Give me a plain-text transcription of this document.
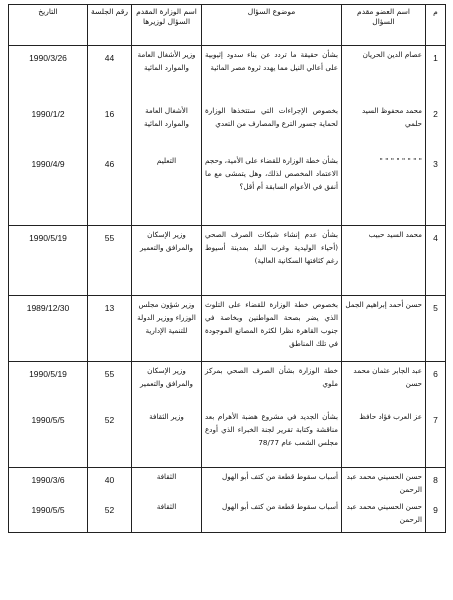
م	اسم العضو مقدم السؤال	موضوع السؤال	اسم الوزارة المقدم السؤال لوزيرها	رقم الجلسة	التاريخ
1	عصام الدين الحريان	بشأن حقيقة ما تردد عن بناء سدود إثيوبية على أعالي النيل مما يهدد ثروة مصر المائية	وزير الأشغال العامة والموارد المائية	44	1990/3/26
2	محمد محفوظ السيد حلمي	بخصوص الإجراءات التي ستتخذها الوزارة لحماية جسور الترع والمصارف من التعدي	الأشغال العامة والموارد المائية	16	1990/1/2
3	" " " " " " " "	بشأن خطة الوزارة للقضاء على الأمية، وحجم الاعتماد المخصص لذلك، وهل يتمشى مع ما أنفق في الأعوام السابقة أم أقل؟	التعليم	46	1990/4/9
4	محمد السيد حبيب	بشأن عدم إنشاء شبكات الصرف الصحي (أحياء الوليدية وغرب البلد بمدينة أسيوط رغم كثافتها السكانية العالية)	وزير الإسكان والمرافق والتعمير	55	1990/5/19
5	حسن أحمد إبراهيم الجمل	بخصوص خطة الوزارة للقضاء على التلوث الذي يضر بصحة المواطنين وبخاصة في جنوب القاهرة نظرا لكثرة المصانع الموجودة في تلك المناطق	وزير شؤون مجلس الوزراء ووزير الدولة للتنمية الإدارية	13	1989/12/30
6	عبد الجابر عثمان محمد حسن	خطة الوزارة بشأن الصرف الصحي بمركز ملوي	وزير الإسكان والمرافق والتعمير	55	1990/5/19
7	عز العرب فؤاد حافظ	بشأن الجديد في مشروع هضبة الأهرام بعد مناقشة وكتابة تقرير لجنة الخبراء الذي أودع مجلس الشعب عام 78/77	وزير الثقافة	52	1990/5/5
8	حسن الحسيني محمد عبد الرحمن	أسباب سقوط قطعة من كتف أبو الهول	الثقافة	40	1990/3/6
9	حسن الحسيني محمد عبد الرحمن	أسباب سقوط قطعة من كتف أبو الهول	الثقافة	52	1990/5/5
